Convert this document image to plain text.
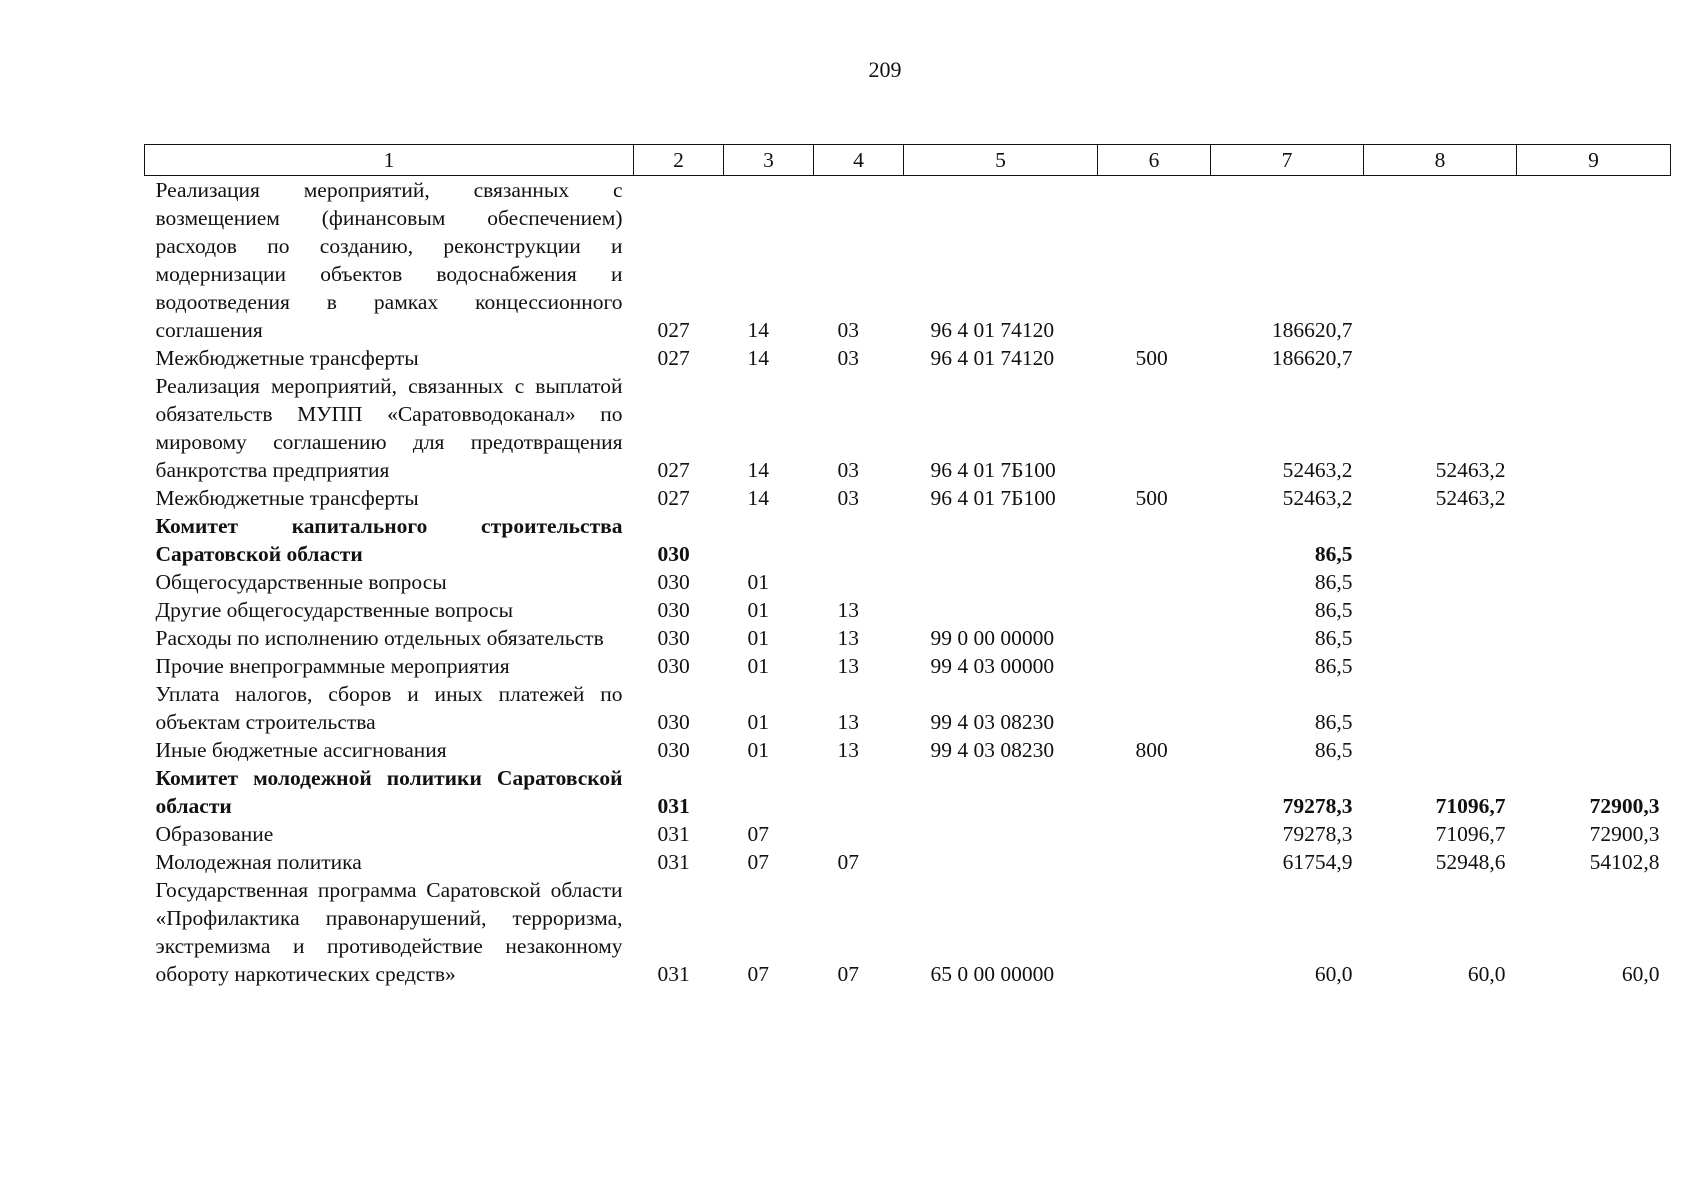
209
1	2	3	4	5	6	7	8	9
Реализация мероприятий, связанных с возмещением (финансовым обеспечением) расходов по созданию, реконструкции и модернизации объектов водоснабжения и водоотведения в рамках концессионного соглашения	027	14	03	96 4 01 74120		186620,7		
Межбюджетные трансферты	027	14	03	96 4 01 74120	500	186620,7		
Реализация мероприятий, связанных с выплатой обязательств МУПП «Саратовводоканал» по мировому соглашению для предотвращения банкротства предприятия	027	14	03	96 4 01 7Б100		52463,2	52463,2	
Межбюджетные трансферты	027	14	03	96 4 01 7Б100	500	52463,2	52463,2	
Комитет капитального строительства Саратовской области	030					86,5		
Общегосударственные вопросы	030	01				86,5		
Другие общегосударственные вопросы	030	01	13			86,5		
Расходы по исполнению отдельных обязательств	030	01	13	99 0 00 00000		86,5		
Прочие внепрограммные мероприятия	030	01	13	99 4 03 00000		86,5		
Уплата налогов, сборов и иных платежей по объектам строительства	030	01	13	99 4 03 08230		86,5		
Иные бюджетные ассигнования	030	01	13	99 4 03 08230	800	86,5		
Комитет молодежной политики Саратовской области	031					79278,3	71096,7	72900,3
Образование	031	07				79278,3	71096,7	72900,3
Молодежная политика	031	07	07			61754,9	52948,6	54102,8
Государственная программа Саратовской области «Профилактика правонарушений, терроризма, экстремизма и противодействие незаконному обороту наркотических средств»	031	07	07	65 0 00 00000		60,0	60,0	60,0
